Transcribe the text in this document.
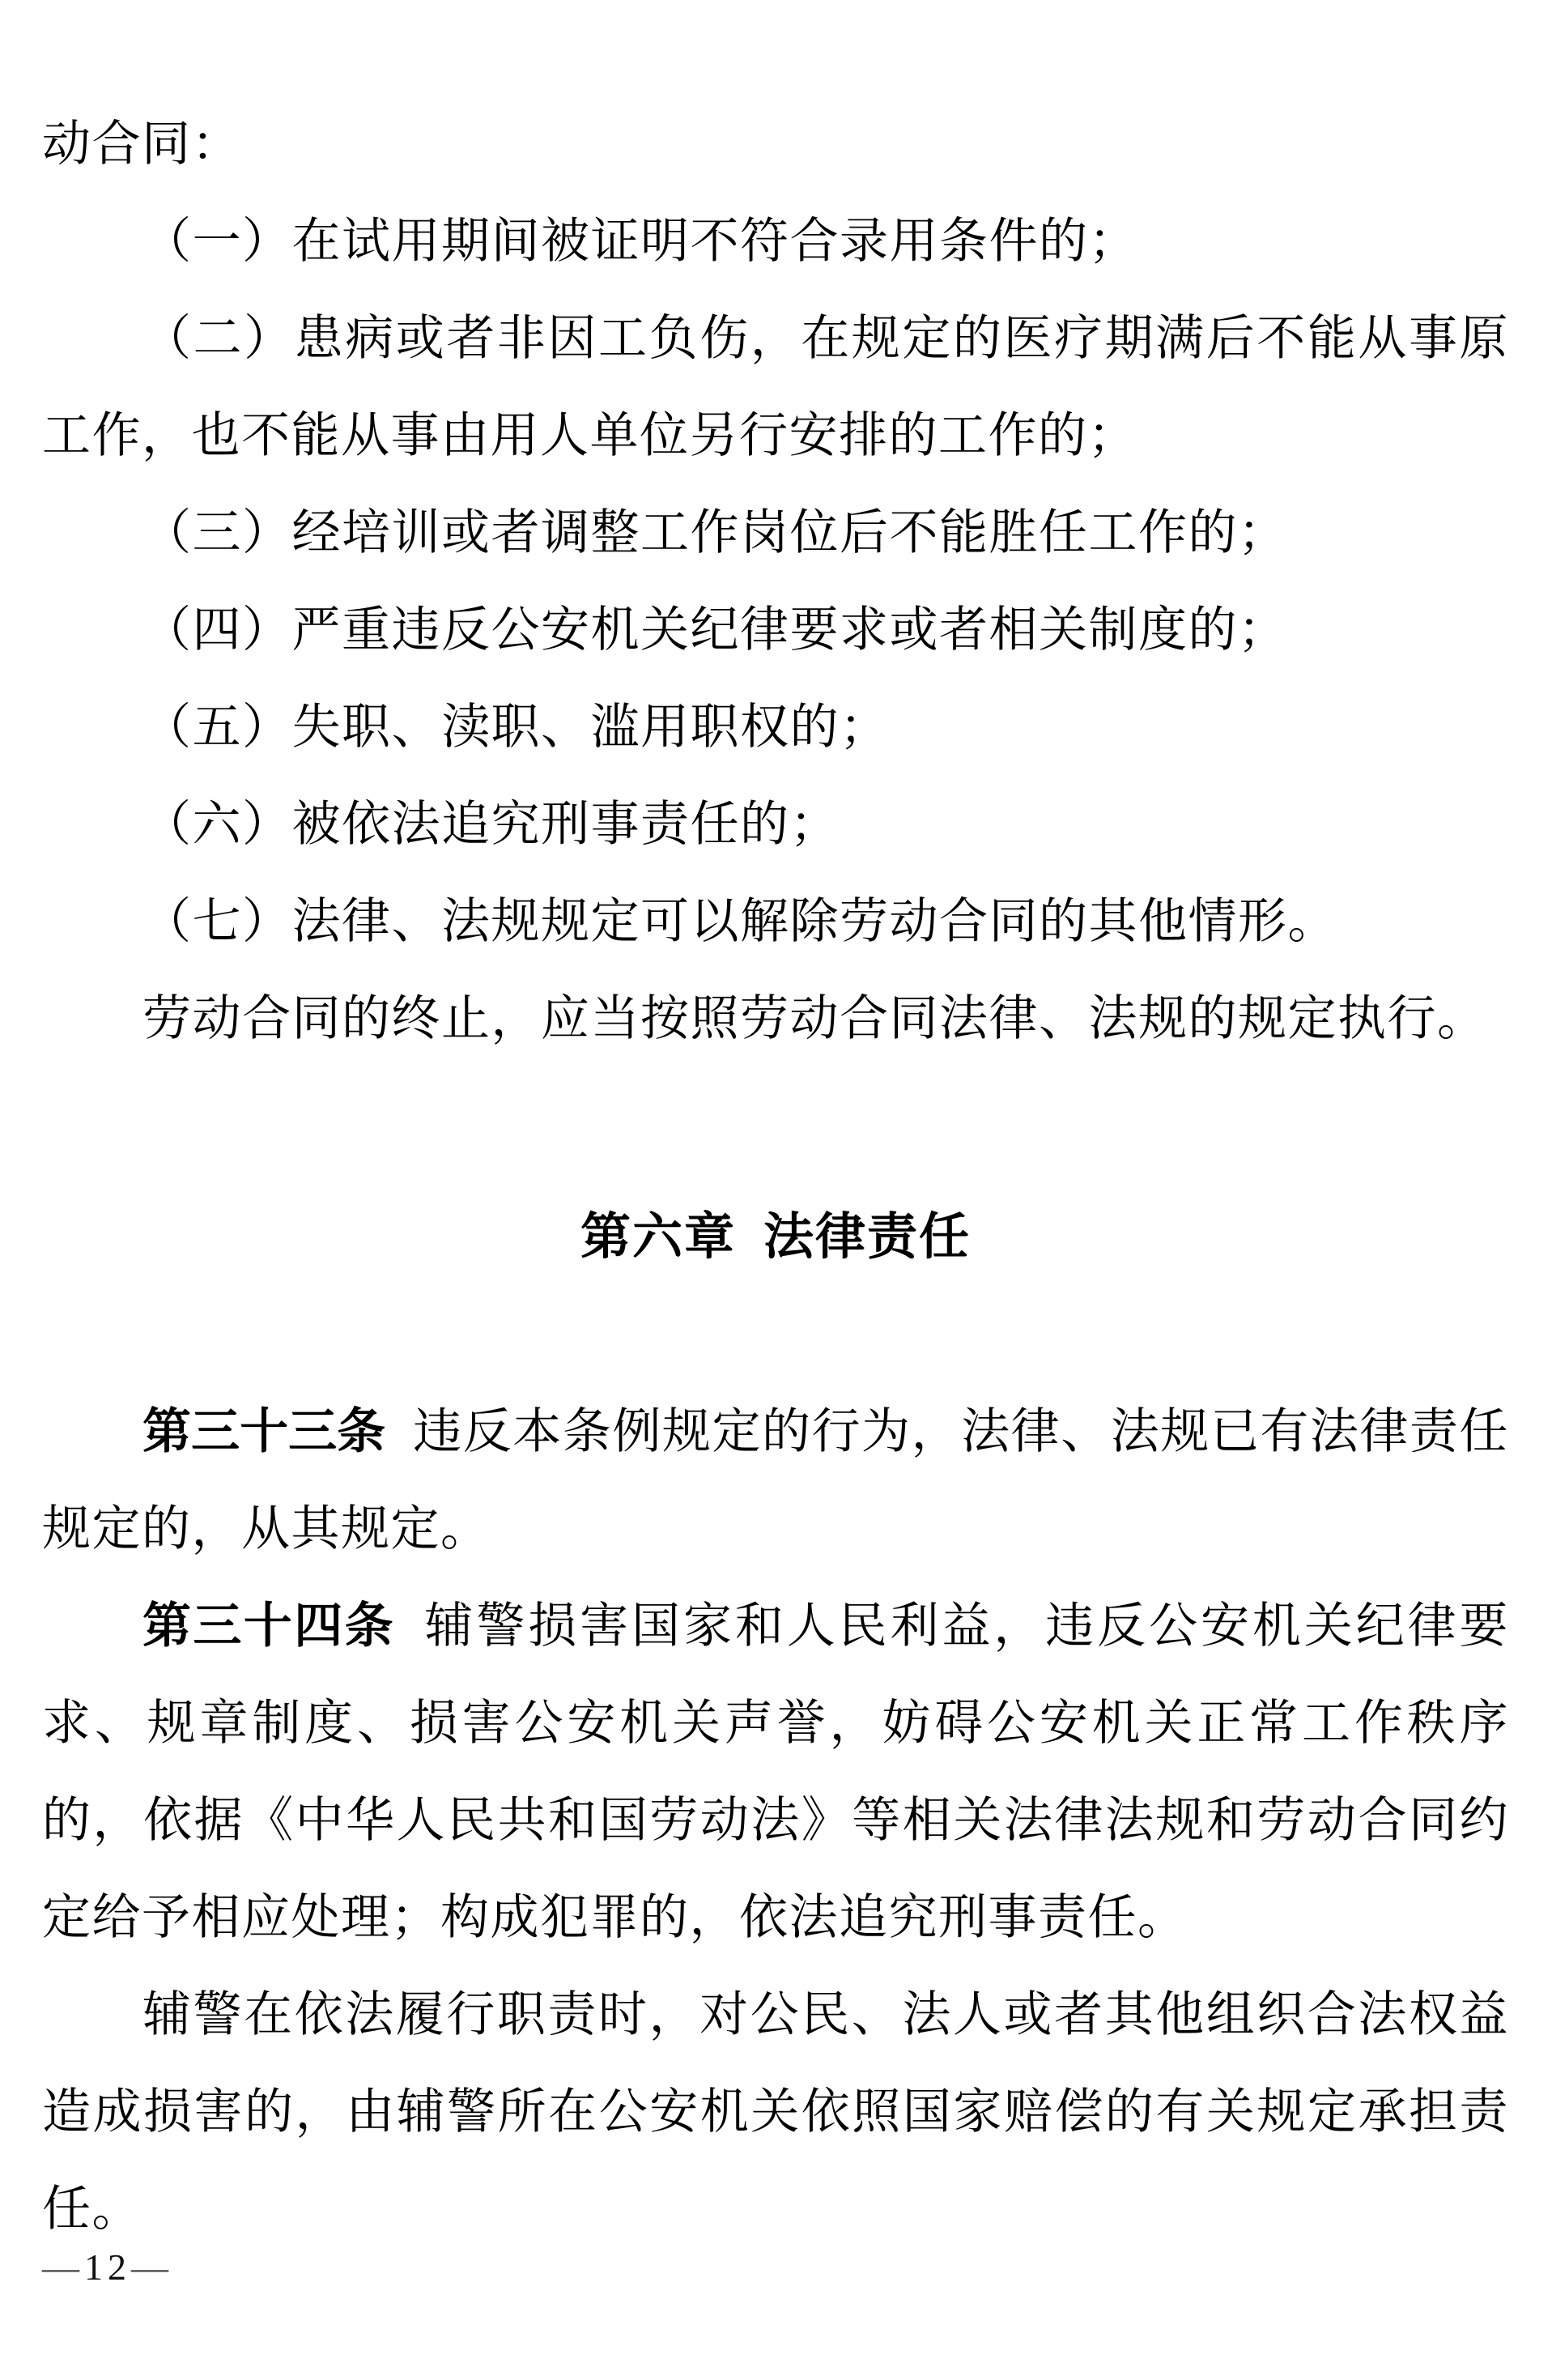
动合同：

（一）在试用期间被证明不符合录用条件的；

（二）患病或者非因工负伤，在规定的医疗期满后不能从事原工作，也不能从事由用人单位另行安排的工作的；

（三）经培训或者调整工作岗位后不能胜任工作的；

（四）严重违反公安机关纪律要求或者相关制度的；

（五）失职、渎职、滥用职权的；

（六）被依法追究刑事责任的；

（七）法律、法规规定可以解除劳动合同的其他情形。

劳动合同的终止，应当按照劳动合同法律、法规的规定执行。

第六章 法律责任

第三十三条 违反本条例规定的行为，法律、法规已有法律责任规定的，从其规定。

第三十四条 辅警损害国家和人民利益，违反公安机关纪律要求、规章制度、损害公安机关声誉，妨碍公安机关正常工作秩序的，依据《中华人民共和国劳动法》等相关法律法规和劳动合同约定给予相应处理；构成犯罪的，依法追究刑事责任。

辅警在依法履行职责时，对公民、法人或者其他组织合法权益造成损害的，由辅警所在公安机关依照国家赔偿的有关规定承担责任。

—12—
